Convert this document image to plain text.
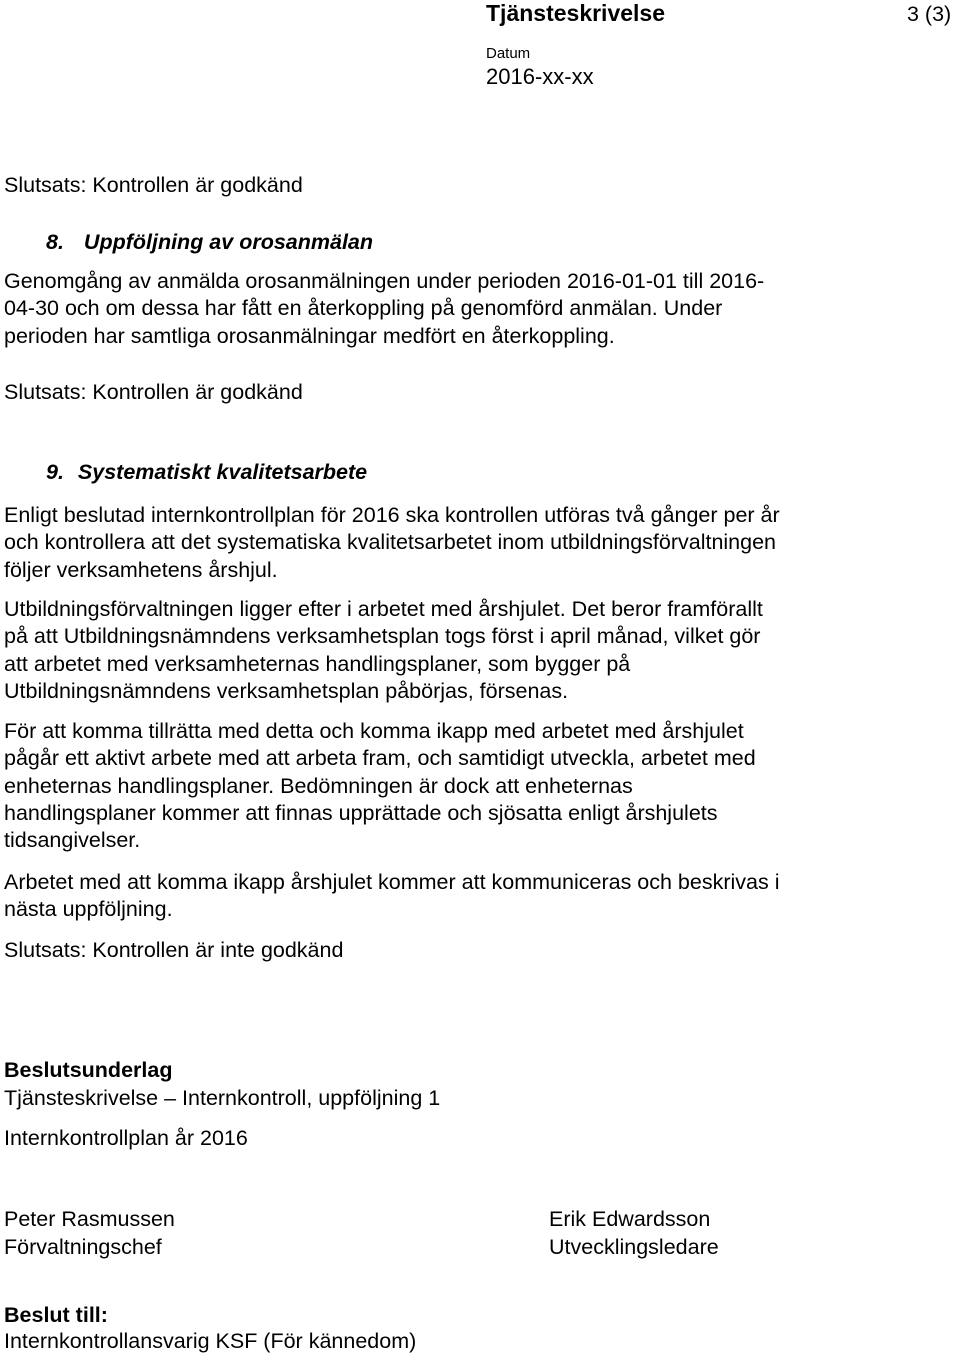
Tjänsteskrivelse	3 (3)
Datum
2016-xx-xx

Slutsats: Kontrollen är godkänd

8. Uppföljning av orosanmälan
Genomgång av anmälda orosanmälningen under perioden 2016-01-01 till 2016-
04-30 och om dessa har fått en återkoppling på genomförd anmälan. Under
perioden har samtliga orosanmälningar medfört en återkoppling.

Slutsats: Kontrollen är godkänd

9. Systematiskt kvalitetsarbete
Enligt beslutad internkontrollplan för 2016 ska kontrollen utföras två gånger per år
och kontrollera att det systematiska kvalitetsarbetet inom utbildningsförvaltningen
följer verksamhetens årshjul.
Utbildningsförvaltningen ligger efter i arbetet med årshjulet. Det beror framförallt
på att Utbildningsnämndens verksamhetsplan togs först i april månad, vilket gör
att arbetet med verksamheternas handlingsplaner, som bygger på
Utbildningsnämndens verksamhetsplan påbörjas, försenas.
För att komma tillrätta med detta och komma ikapp med arbetet med årshjulet
pågår ett aktivt arbete med att arbeta fram, och samtidigt utveckla, arbetet med
enheternas handlingsplaner. Bedömningen är dock att enheternas
handlingsplaner kommer att finnas upprättade och sjösatta enligt årshjulets
tidsangivelser.
Arbetet med att komma ikapp årshjulet kommer att kommuniceras och beskrivas i
nästa uppföljning.

Slutsats: Kontrollen är inte godkänd

Beslutsunderlag

Tjänsteskrivelse – Internkontroll, uppföljning 1

Internkontrollplan år 2016

Peter Rasmussen
Förvaltningschef
Erik Edwardsson
Utvecklingsledare

Beslut till:

Internkontrollansvarig KSF (För kännedom)
